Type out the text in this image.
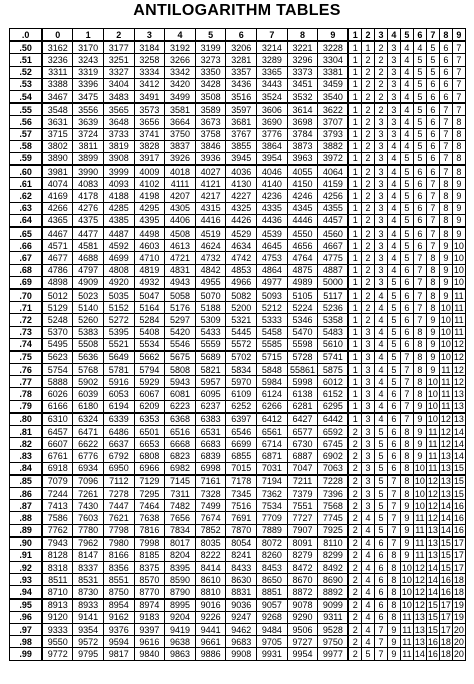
ANTILOGARITHM TABLES
.0	0	1	2	3	4	5	6	7	8	9	1	2	3	4	5	6	7	8	9
.50	3162	3170	3177	3184	3192	3199	3206	3214	3221	3228	1	1	2	3	4	4	5	6	7
.51	3236	3243	3251	3258	3266	3273	3281	3289	3296	3304	1	2	2	3	4	5	5	6	7
.52	3311	3319	3327	3334	3342	3350	3357	3365	3373	3381	1	2	2	3	4	5	5	6	7
.53	3388	3396	3404	3412	3420	3428	3436	3443	3451	3459	1	2	2	3	4	5	6	6	7
.54	3467	3475	3483	3491	3499	3508	3516	3524	3532	3540	1	2	2	3	4	5	6	6	7
.55	3548	3556	3565	3573	3581	3589	3597	3606	3614	3622	1	2	2	3	4	5	6	7	7
.56	3631	3639	3648	3656	3664	3673	3681	3690	3698	3707	1	2	3	3	4	5	6	7	8
.57	3715	3724	3733	3741	3750	3758	3767	3776	3784	3793	1	2	3	3	4	5	6	7	8
.58	3802	3811	3819	3828	3837	3846	3855	3864	3873	3882	1	2	3	4	4	5	6	7	8
.59	3890	3899	3908	3917	3926	3936	3945	3954	3963	3972	1	2	3	4	5	5	6	7	8
.60	3981	3990	3999	4009	4018	4027	4036	4046	4055	4064	1	2	3	4	5	6	6	7	8
.61	4074	4083	4093	4102	4111	4121	4130	4140	4150	4159	1	2	3	4	5	6	7	8	9
.62	4169	4178	4188	4198	4207	4217	4227	4236	4246	4256	1	2	3	4	5	6	7	8	9
.63	4266	4276	4285	4295	4305	4315	4325	4335	4345	4355	1	2	3	4	5	6	7	8	9
.64	4365	4375	4385	4395	4406	4416	4426	4436	4446	4457	1	2	3	4	5	6	7	8	9
.65	4467	4477	4487	4498	4508	4519	4529	4539	4550	4560	1	2	3	4	5	6	7	8	9
.66	4571	4581	4592	4603	4613	4624	4634	4645	4656	4667	1	2	3	4	5	6	7	9	10
.67	4677	4688	4699	4710	4721	4732	4742	4753	4764	4775	1	2	3	4	5	7	8	9	10
.68	4786	4797	4808	4819	4831	4842	4853	4864	4875	4887	1	2	3	4	6	7	8	9	10
.69	4898	4909	4920	4932	4943	4955	4966	4977	4989	5000	1	2	3	5	6	7	8	9	10
.70	5012	5023	5035	5047	5058	5070	5082	5093	5105	5117	1	2	4	5	6	7	8	9	11
.71	5129	5140	5152	5164	5176	5188	5200	5212	5224	5236	1	2	4	5	6	7	8	10	11
.72	5248	5260	5272	5284	5297	5309	5321	5333	5346	5358	1	2	4	5	6	7	9	10	11
.73	5370	5383	5395	5408	5420	5433	5445	5458	5470	5483	1	3	4	5	6	8	9	10	11
.74	5495	5508	5521	5534	5546	5559	5572	5585	5598	5610	1	3	4	5	6	8	9	10	12
.75	5623	5636	5649	5662	5675	5689	5702	5715	5728	5741	1	3	4	5	7	8	9	10	12
.76	5754	5768	5781	5794	5808	5821	5834	5848	55861	5875	1	3	4	5	7	8	9	11	12
.77	5888	5902	5916	5929	5943	5957	5970	5984	5998	6012	1	3	4	5	7	8	10	11	12
.78	6026	6039	6053	6067	6081	6095	6109	6124	6138	6152	1	3	4	6	7	8	10	11	13
.79	6166	6180	6194	6209	6223	6237	6252	6266	6281	6295	1	3	4	6	7	9	10	11	13
.80	6310	6324	6339	6353	6368	6383	6397	6412	6427	6442	1	3	4	6	7	9	10	12	13
.81	6457	6471	6486	6501	6516	6531	6546	6561	6577	6592	2	3	5	6	8	9	11	12	14
.82	6607	6622	6637	6653	6668	6683	6699	6714	6730	6745	2	3	5	6	8	9	11	12	14
.83	6761	6776	6792	6808	6823	6839	6855	6871	6887	6902	2	3	5	6	8	9	11	13	14
.84	6918	6934	6950	6966	6982	6998	7015	7031	7047	7063	2	3	5	6	8	10	11	13	15
.85	7079	7096	7112	7129	7145	7161	7178	7194	7211	7228	2	3	5	7	8	10	12	13	15
.86	7244	7261	7278	7295	7311	7328	7345	7362	7379	7396	2	3	5	7	8	10	12	13	15
.87	7413	7430	7447	7464	7482	7499	7516	7534	7551	7568	2	3	5	7	9	10	12	14	16
.88	7586	7603	7621	7638	7656	7674	7691	7709	7727	7745	2	4	5	7	9	11	12	14	16
.89	7762	7780	7798	7816	7834	7852	7870	7889	7907	7925	2	4	5	7	9	11	13	14	16
.90	7943	7962	7980	7998	8017	8035	8054	8072	8091	8110	2	4	6	7	9	11	13	15	17
.91	8128	8147	8166	8185	8204	8222	8241	8260	8279	8299	2	4	6	8	9	11	13	15	17
.92	8318	8337	8356	8375	8395	8414	8433	8453	8472	8492	2	4	6	8	10	12	14	15	17
.93	8511	8531	8551	8570	8590	8610	8630	8650	8670	8690	2	4	6	8	10	12	14	16	18
.94	8710	8730	8750	8770	8790	8810	8831	8851	8872	8892	2	4	6	8	10	12	14	16	18
.95	8913	8933	8954	8974	8995	9016	9036	9057	9078	9099	2	4	6	8	10	12	15	17	19
.96	9120	9141	9162	9183	9204	9226	9247	9268	9290	9311	2	4	6	8	11	13	15	17	19
.97	9333	9354	9376	9397	9419	9441	9462	9484	9506	9528	2	4	7	9	11	13	15	17	20
.98	9550	9572	9594	9616	9638	9661	9683	9705	9727	9750	2	4	7	9	11	13	16	18	20
.99	9772	9795	9817	9840	9863	9886	9908	9931	9954	9977	2	5	7	9	11	14	16	18	20
